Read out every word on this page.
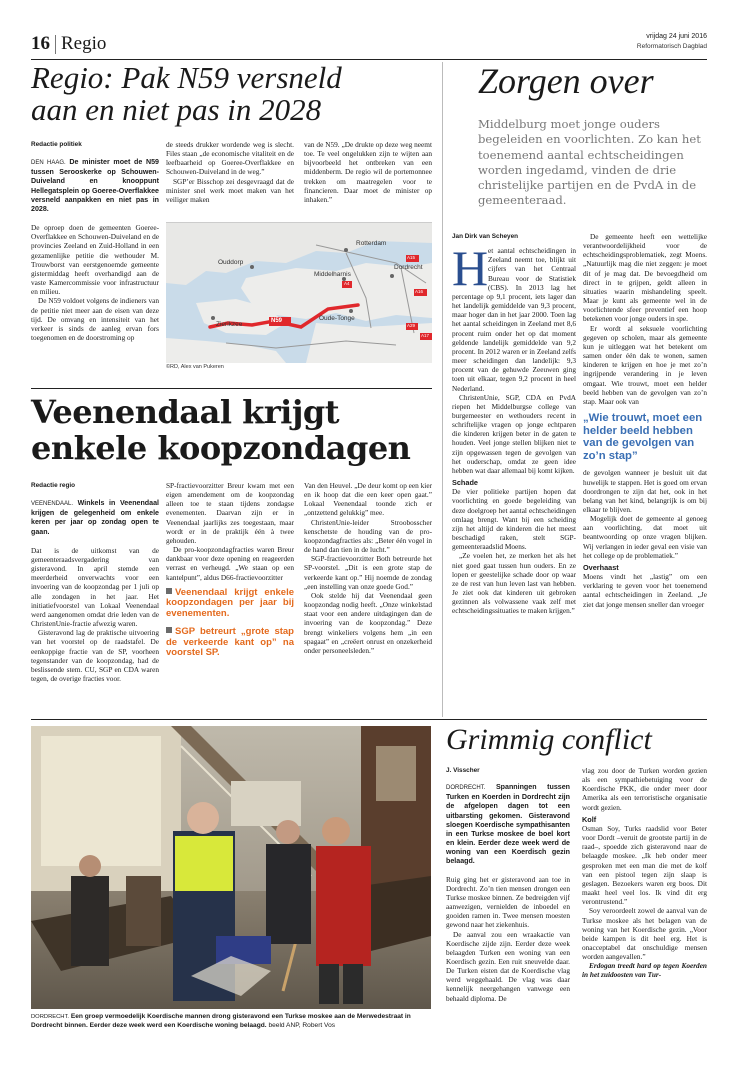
16 Regio	vrijdag 24 juni 2016
Reformatorisch Dagblad
Regio: Pak N59 versneld
aan en niet pas in 2028
Redactie politiek

DEN HAAG. De minister moet de N59 tussen Serooskerke op Schouwen-Duiveland en knooppunt Hellegatsplein op Goeree-Overflakkee versneld aanpakken en niet pas in 2028.

De oproep doen de gemeenten Goeree-Overflakkee en Schouwen-Duiveland en de provincies Zeeland en Zuid-Holland in een gezamenlijke petitie die wethouder M. Trouwborst van eerstgenoemde gemeente gistermiddag heeft overhandigd aan de vaste Kamercommissie voor infrastructuur en milieu.

De N59 voldoet volgens de indieners van de petitie niet meer aan de eisen van deze tijd. De omvang en intensiteit van het verkeer is sinds de aanleg ervan fors toegenomen en de doorstroming op

de steeds drukker wordende weg is slecht. Files staan „de economische vitaliteit en de leefbaarheid op Goeree-Overflakkee en Schouwen-Duiveland in de weg.”

SGP’er Bisschop zei desgevraagd dat de minister snel werk moet maken van het veiliger maken

van de N59. „De drukte op deze weg neemt toe. Te veel ongelukken zijn te wijten aan bijvoorbeeld het ontbreken van een middenberm. De regio wil de portemonnee trekken om maatregelen voor te financieren. Daar moet de minister op inhaken.”

Rotterdam
Ouddorp
Middelharnis
Dordrecht
Zierikzee	N59	Oude-Tonge
A15
A4
A16
A29
A17
©RD, Alex van Pukeren
Veenendaal krijgt
enkele koopzondagen
Redactie regio

VEENENDAAL. Winkels in Veenendaal krijgen de gelegenheid om enkele keren per jaar op zondag open te gaan.

Dat is de uitkomst van de gemeenteraadsvergadering van gisteravond. In april stemde een meerderheid onverwachts voor een invoering van de koopzondag per 1 juli op alle zondagen in het jaar. Het initiatiefvoorstel van Lokaal Veenendaal werd aangenomen omdat drie leden van de ChristenUnie-fractie afwezig waren.

Gisteravond lag de praktische uitvoering van het voorstel op de raadstafel. De eenkoppige fractie van de SP, voorheen tegenstander van de koopzondag, had de beslissende stem. CU, SGP en CDA waren tegen, de overige fracties voor.

SP-fractievoorzitter Breur kwam met een eigen amendement om de koopzondag alleen toe te staan tijdens zondagse evenementen. Daarvan zijn er in Veenendaal jaarlijks zes toegestaan, maar wordt er in de praktijk één à twee gehouden.

De pro-koopzondagfracties waren Breur dankbaar voor deze opening en reageerden verrast en verheugd. „We staan op een kantelpunt”, aldus D66-fractievoorzitter

Veenendaal krijgt enkele koopzondagen per jaar bij evenementen.
SGP betreurt „grote stap de verkeerde kant op” na voorstel SP.

Van den Heuvel. „De deur komt op een kier en ik hoop dat die een keer open gaat.” Lokaal Veenendaal toonde zich er „ontzettend gelukkig” mee.

ChristenUnie-leider Stroobosscher kenschetste de houding van de pro-koopzondagfracties als: „Beter één vogel in de hand dan tien in de lucht.”

SGP-fractievoorzitter Both betreurde het SP-voorstel. „Dit is een grote stap de verkeerde kant op.” Hij noemde de zondag „een instelling van onze goede God.”

Ook stelde hij dat Veenendaal geen koopzondag nodig heeft. „Onze winkelstad staat voor een andere uitdagingen dan de invoering van de koopzondag.” Deze brengt winkeliers volgens hem „in een spagaat” en „creëert onrust en onzekerheid onder personeelsleden.”

Zorgen over
Middelburg moet jonge ouders begeleiden en voorlichten. Zo kan het toenemend aantal echtscheidingen worden ingedamd, vinden de drie christelijke partijen en de PvdA in de gemeenteraad.
Jan Dirk van Scheyen
H et aantal echtscheidingen in Zeeland neemt toe, blijkt uit cijfers van het Centraal Bureau voor de Statistiek (CBS). In 2013 lag het percentage op 9,1 procent, iets lager dan het landelijk gemiddelde van 9,3 procent, maar hoger dan in het jaar 2000. Toen lag het aantal scheidingen in Zeeland met 8,6 procent ruim onder het op dat moment geldende landelijk gemiddelde van 9,2 procent. In 2012 waren er in Zeeland zelfs meer scheidingen dan landelijk: 9,3 procent van de gehuwde Zeeuwen ging toen uit elkaar, tegen 9,2 procent in heel Nederland.

ChristenUnie, SGP, CDA en PvdA riepen het Middelburgse college van burgemeester en wethouders recent in schriftelijke vragen op jonge echtparen die kinderen krijgen beter in de gaten te houden. Veel jonge stellen blijken niet te zijn opgewassen tegen de gevolgen van het ouderschap, omdat ze geen idee hebben wat daar allemaal bij komt kijken.

Schade

De vier politieke partijen hopen dat voorlichting en goede begeleiding van deze doelgroep het aantal echtscheidingen omlaag brengt. Want bij een scheiding zijn het altijd de kinderen die het meest beschadigd raken, stelt SGP-gemeenteraadslid Moens.

„Ze voelen het, ze merken het als het niet goed gaat tussen hun ouders. En ze lopen er geestelijke schade door op waar ze de rest van hun leven last van hebben. Je ziet ook dat kinderen uit gebroken gezinnen als volwassene vaak zelf met echtscheidingssituaties te maken krijgen.”

De gemeente heeft een wettelijke verantwoordelijkheid voor de echtscheidingsproblematiek, zegt Moens. „Natuurlijk mag die niet zeggen: je moet dit of je mag dat. De bevoegdheid om direct in te grijpen, geldt alleen in situaties waarin mishandeling speelt. Maar je kunt als gemeente wel in de voorlichtende sfeer preventief een hoop betekenen voor jonge ouders in spe.

Er wordt al seksuele voorlichting gegeven op scholen, maar als gemeente kun je uitleggen wat het betekent om samen onder één dak te wonen, samen kinderen te krijgen en hoe je met zo’n ingrijpende verandering in je leven omgaat. Wie trouwt, moet een helder beeld hebben van de gevolgen van zo’n stap. Maar ook van

„Wie trouwt, moet een helder beeld hebben van de gevolgen van zo’n stap”

de gevolgen wanneer je besluit uit dat huwelijk te stappen. Het is goed om ervan doordrongen te zijn dat het, ook in het belang van het kind, belangrijk is om bij elkaar te blijven.

Mogelijk doet de gemeente al genoeg aan voorlichting, dat moet uit beantwoording op onze vragen blijken. Wij verlangen in ieder geval een visie van het college op de problematiek.”

Overhaast

Moens vindt het „lastig” om een verklaring te geven voor het toenemend aantal echtscheidingen in Zeeland. „Je ziet dat jonge mensen sneller dan vroeger

DORDRECHT. Een groep vermoedelijk Koerdische mannen drong gisteravond een Turkse moskee aan de Merwedestraat in Dordrecht binnen. Eerder deze week werd een Koerdische woning belaagd. beeld ANP, Robert Vos
Grimmig conflict
J. Visscher

DORDRECHT. Spanningen tussen Turken en Koerden in Dordrecht zijn de afgelopen dagen tot een uitbarsting gekomen. Gisteravond sloegen Koerdische sympathisanten in een Turkse moskee de boel kort en klein. Eerder deze week werd de woning van een Koerdisch gezin belaagd.

Ruig ging het er gisteravond aan toe in Dordrecht. Zo’n tien mensen drongen een Turkse moskee binnen. Ze bedreigden vijf aanwezigen, vernielden de inboedel en gooiden ramen in. Twee mensen moesten gewond naar het ziekenhuis.

De aanval zou een wraakactie van Koerdische zijde zijn. Eerder deze week belaagden Turken een woning van een Koerdisch gezin. Een ruit sneuvelde daar. De Turken eisten dat de Koerdische vlag werd weggehaald. De vlag was daar kennelijk neergehangen vanwege een behaald diploma. De

vlag zou door de Turken worden gezien als een sympathiebetuiging voor de Koerdische PKK, die onder meer door Amerika als een terroristische organisatie wordt gezien.

Kolf

Osman Soy, Turks raadslid voor Beter voor Dordt –veruit de grootste partij in de raad–, spoedde zich gisteravond naar de belaagde moskee. „Ik heb onder meer gesproken met een man die met de kolf van een pistool tegen zijn slaap is geslagen. Bezoekers waren erg boos. Dit maakt heel veel los. Ik vind dit erg verontrustend.”

Soy veroordeelt zowel de aanval van de Turkse moskee als het belagen van de woning van het Koerdische gezin. „Voor beide kampen is dit heel erg. Het is onacceptabel dat onschuldige mensen worden aangevallen.”

Erdogan treedt hard op tegen Koerden in het zuidoosten van Tur-
